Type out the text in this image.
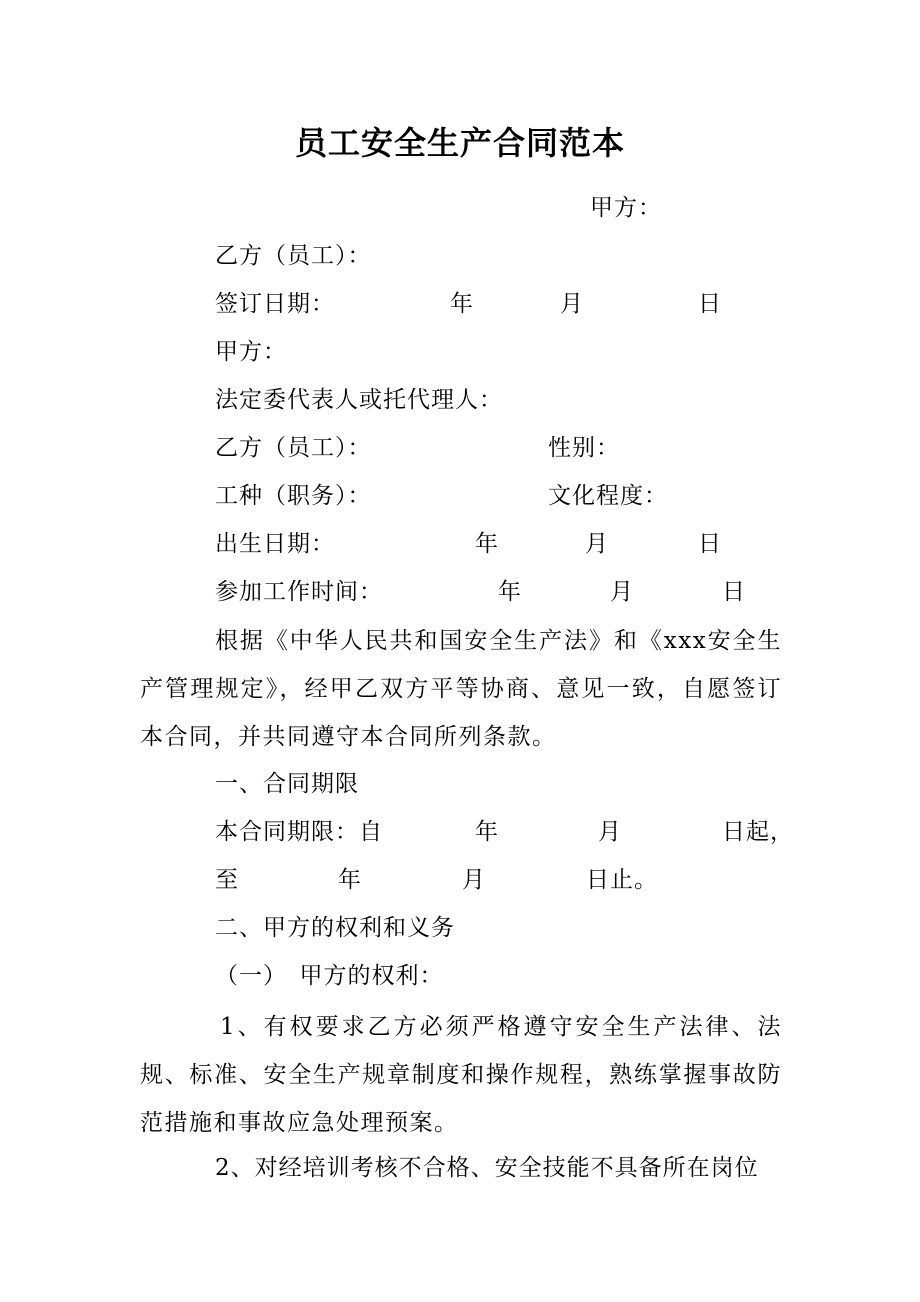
员工安全生产合同范本
甲方：
乙方（员工）：
签订日期：	年	月	日
甲方：
法定委代表人或托代理人：
乙方（员工）：	性别：
工种（职务）：	文化程度：
出生日期：	年	月	日
参加工作时间：	年	月	日

根据《中华人民共和国安全生产法》和《xxx安全生产管理规定》，经甲乙双方平等协商、意见一致，自愿签订本合同，并共同遵守本合同所列条款。

一、合同期限
本合同期限：自	年	月	日起，
至	年	月	日止。
二、甲方的权利和义务
（一）　甲方的权利：

1、有权要求乙方必须严格遵守安全生产法律、法规、标准、安全生产规章制度和操作规程，熟练掌握事故防范措施和事故应急处理预案。

2、对经培训考核不合格、安全技能不具备所在岗位
